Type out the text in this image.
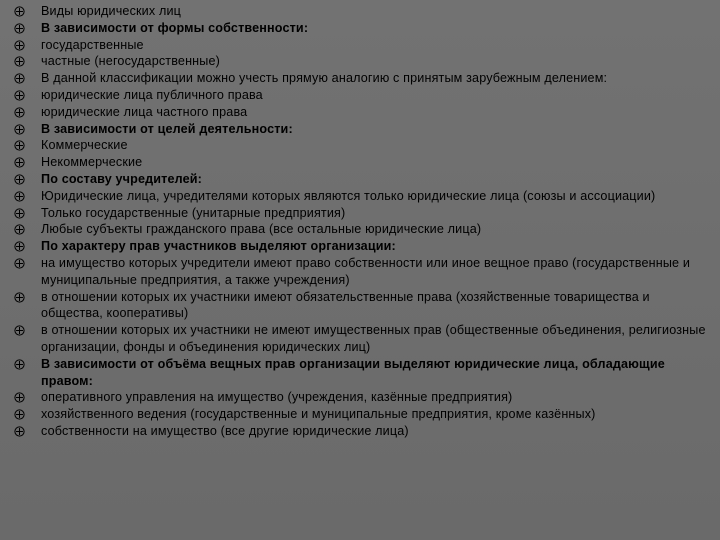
Виды юридических лиц
В зависимости от формы собственности:
государственные
частные (негосударственные)
В данной классификации можно учесть прямую аналогию с принятым зарубежным делением:
юридические лица публичного права
юридические лица частного права
В зависимости от целей деятельности:
Коммерческие
Некоммерческие
По составу учредителей:
Юридические лица, учредителями которых являются только юридические лица (союзы и ассоциации)
Только государственные (унитарные предприятия)
Любые субъекты гражданского права (все остальные юридические лица)
По характеру прав участников выделяют организации:
на имущество которых учредители имеют право собственности или иное вещное право (государственные и муниципальные предприятия, а также учреждения)
в отношении которых их участники имеют обязательственные права (хозяйственные товарищества и общества, кооперативы)
в отношении которых их участники не имеют имущественных прав (общественные объединения, религиозные организации, фонды и объединения юридических лиц)
В зависимости от объёма вещных прав организации выделяют юридические лица, обладающие правом:
оперативного управления на имущество (учреждения, казённые предприятия)
хозяйственного ведения (государственные и муниципальные предприятия, кроме казённых)
собственности на имущество (все другие юридические лица)
